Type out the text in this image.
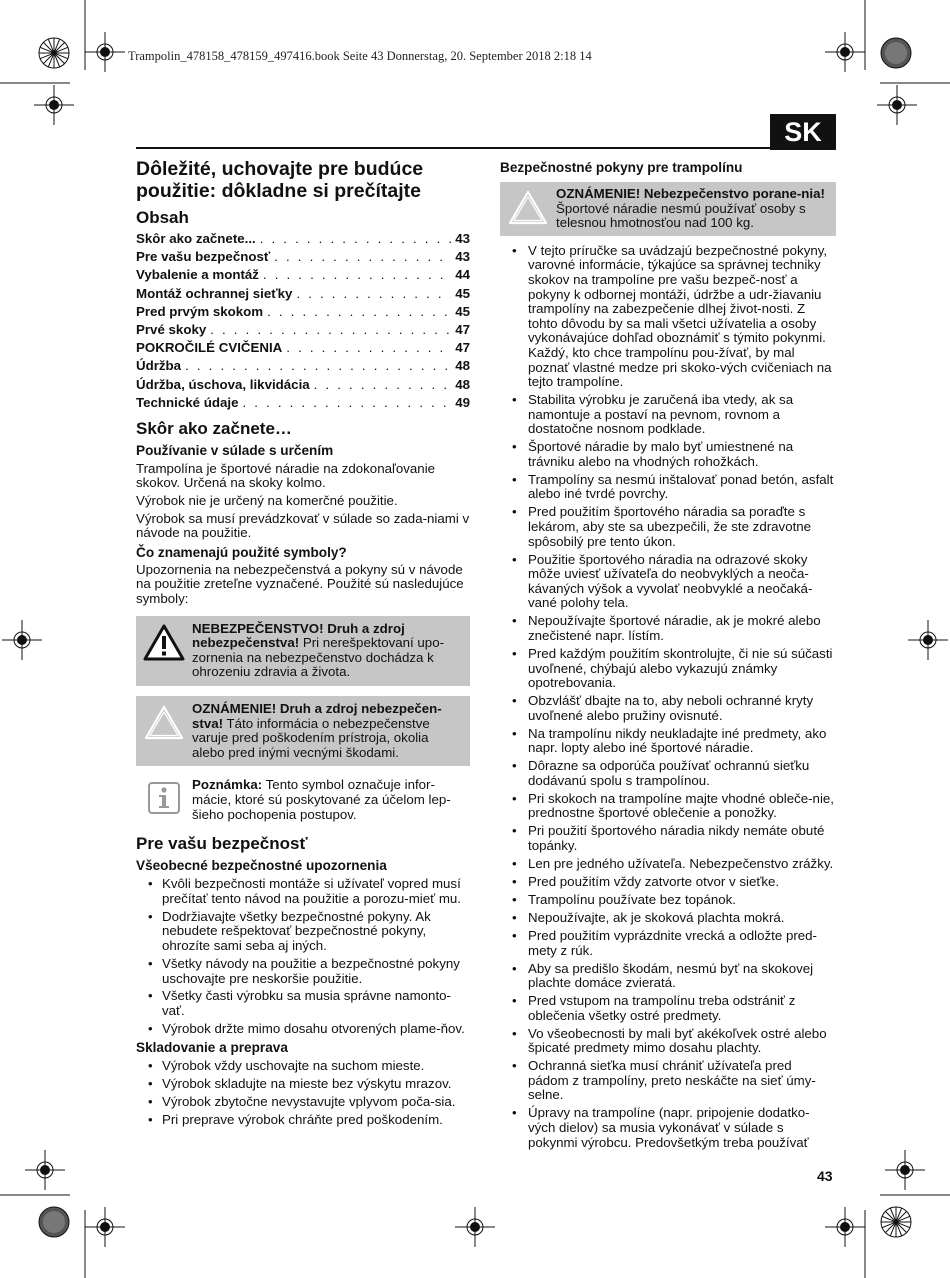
Trampolin_478158_478159_497416.book Seite 43 Donnerstag, 20. September 2018 2:18 14
SK
Dôležité, uchovajte pre budúce použitie: dôkladne si prečítajte
Obsah
Skôr ako začnete... . . .	43
Pre vašu bezpečnosť . . .	43
Vybalenie a montáž . . .	44
Montáž ochrannej sieťky . . .	45
Pred prvým skokom . . .	45
Prvé skoky . . .	47
POKROČILÉ CVIČENIA . . .	47
Údržba . . .	48
Údržba, úschova, likvidácia . . .	48
Technické údaje . . .	49
Skôr ako začnete…
Používanie v súlade s určením

Trampolína je športové náradie na zdokonaľovanie skokov. Určená na skoky kolmo.

Výrobok nie je určený na komerčné použitie.

Výrobok sa musí prevádzkovať v súlade so zada-niami v návode na použitie.

Čo znamenajú použité symboly?

Upozornenia na nebezpečenstvá a pokyny sú v návode na použitie zreteľne vyznačené. Použité sú nasledujúce symboly:

NEBEZPEČENSTVO! Druh a zdroj nebezpečenstva! Pri nerešpektovaní upo-zornenia na nebezpečenstvo dochádza k ohrozeniu zdravia a života.
OZNÁMENIE! Druh a zdroj nebezpečen-stva! Táto informácia o nebezpečenstve varuje pred poškodením prístroja, okolia alebo pred inými vecnými škodami.
Poznámka: Tento symbol označuje infor-mácie, ktoré sú poskytované za účelom lep-šieho pochopenia postupov.
Pre vašu bezpečnosť
Všeobecné bezpečnostné upozornenia
• Kvôli bezpečnosti montáže si užívateľ vopred musí prečítať tento návod na použitie a porozu-mieť mu.
• Dodržiavajte všetky bezpečnostné pokyny. Ak nebudete rešpektovať bezpečnostné pokyny, ohrozíte sami seba aj iných.
• Všetky návody na použitie a bezpečnostné pokyny uschovajte pre neskoršie použitie.
• Všetky časti výrobku sa musia správne namonto-vať.
• Výrobok držte mimo dosahu otvorených plame-ňov.
Skladovanie a preprava
• Výrobok vždy uschovajte na suchom mieste.
• Výrobok skladujte na mieste bez výskytu mrazov.
• Výrobok zbytočne nevystavujte vplyvom poča-sia.
• Pri preprave výrobok chráňte pred poškodením.
Bezpečnostné pokyny pre trampolínu
OZNÁMENIE! Nebezpečenstvo porane-nia! Športové náradie nesmú používať osoby s telesnou hmotnosťou nad 100 kg.
• V tejto príručke sa uvádzajú bezpečnostné pokyny, varovné informácie, týkajúce sa správnej techniky skokov na trampolíne pre vašu bezpeč-nosť a pokyny k odbornej montáži, údržbe a udr-žiavaniu trampolíny na zabezpečenie dlhej život-nosti. Z tohto dôvodu by sa mali všetci užívatelia a osoby vykonávajúce dohľad oboznámiť s týmito pokynmi. Každý, kto chce trampolínu pou-žívať, by mal poznať vlastné medze pri skoko-vých cvičeniach na tejto trampolíne.
• Stabilita výrobku je zaručená iba vtedy, ak sa namontuje a postaví na pevnom, rovnom a dostatočne nosnom podklade.
• Športové náradie by malo byť umiestnené na trávniku alebo na vhodných rohožkách.
• Trampolíny sa nesmú inštalovať ponad betón, asfalt alebo iné tvrdé povrchy.
• Pred použitím športového náradia sa poraďte s lekárom, aby ste sa ubezpečili, že ste zdravotne spôsobilý pre tento úkon.
• Použitie športového náradia na odrazové skoky môže uviesť užívateľa do neobvyklých a neoča-kávaných výšok a vyvolať neobvyklé a neočaká-vané polohy tela.
• Nepoužívajte športové náradie, ak je mokré alebo znečistené napr. lístím.
• Pred každým použitím skontrolujte, či nie sú súčasti uvoľnené, chýbajú alebo vykazujú známky opotrebovania.
• Obzvlášť dbajte na to, aby neboli ochranné kryty uvoľnené alebo pružiny ovisnuté.
• Na trampolínu nikdy neukladajte iné predmety, ako napr. lopty alebo iné športové náradie.
• Dôrazne sa odporúča používať ochrannú sieťku dodávanú spolu s trampolínou.
• Pri skokoch na trampolíne majte vhodné obleče-nie, prednostne športové oblečenie a ponožky.
• Pri použití športového náradia nikdy nemáte obuté topánky.
• Len pre jedného užívateľa. Nebezpečenstvo zrážky.
• Pred použitím vždy zatvorte otvor v sieťke.
• Trampolínu používate bez topánok.
• Nepoužívajte, ak je skoková plachta mokrá.
• Pred použitím vyprázdnite vrecká a odložte pred-mety z rúk.
• Aby sa predišlo škodám, nesmú byť na skokovej plachte domáce zvieratá.
• Pred vstupom na trampolínu treba odstrániť z oblečenia všetky ostré predmety.
• Vo všeobecnosti by mali byť akékoľvek ostré alebo špicaté predmety mimo dosahu plachty.
• Ochranná sieťka musí chrániť užívateľa pred pádom z trampolíny, preto neskáčte na sieť úmy-selne.
• Úpravy na trampolíne (napr. pripojenie dodatko-vých dielov) sa musia vykonávať v súlade s pokynmi výrobcu. Predovšetkým treba používať
43
